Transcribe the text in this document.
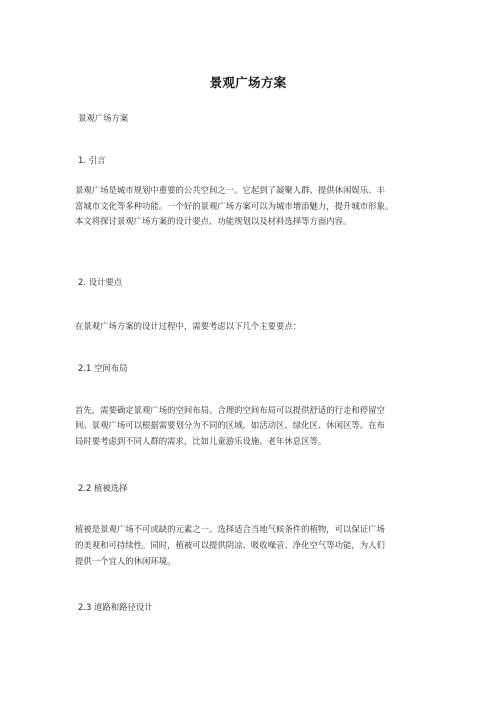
景观广场方案
景观广场方案
1. 引言
景观广场是城市规划中重要的公共空间之一。它起到了凝聚人群、提供休闲娱乐、丰
富城市文化等多种功能。一个好的景观广场方案可以为城市增添魅力，提升城市形象。
本文将探讨景观广场方案的设计要点、功能规划以及材料选择等方面内容。
2. 设计要点
在景观广场方案的设计过程中，需要考虑以下几个主要要点：
2.1 空间布局
首先，需要确定景观广场的空间布局。合理的空间布局可以提供舒适的行走和停留空
间。景观广场可以根据需要划分为不同的区域，如活动区、绿化区、休闲区等。在布
局时要考虑到不同人群的需求，比如儿童游乐设施、老年休息区等。
2.2 植被选择
植被是景观广场不可或缺的元素之一。选择适合当地气候条件的植物，可以保证广场
的美观和可持续性。同时，植被可以提供阴凉、吸收噪音、净化空气等功能，为人们
提供一个宜人的休闲环境。
2.3 道路和路径设计
